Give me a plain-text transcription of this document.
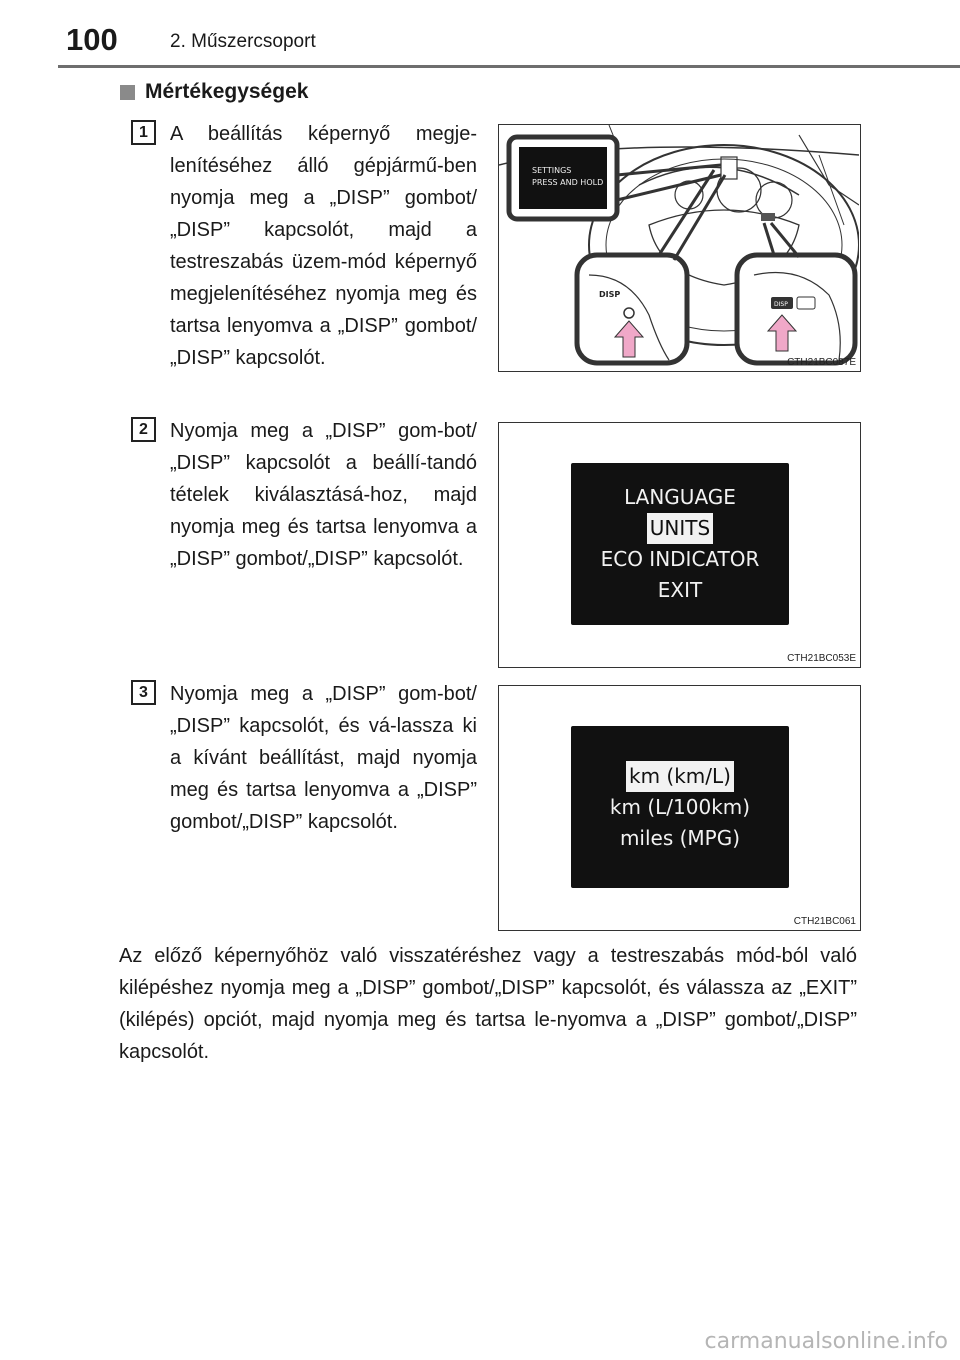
100	2. Műszercsoport
Mértékegységek
1	A beállítás képernyő megje-lenítéséhez álló gépjármű-ben nyomja meg a „DISP” gombot/„DISP” kapcsolót, majd a testreszabás üzem-mód képernyő megjelenítéséhez nyomja meg és tartsa lenyomva a „DISP” gombot/„DISP” kapcsolót.
SETTINGS
PRESS AND HOLD
DISP
DISP
CTH21BC087E
2	Nyomja meg a „DISP” gom-bot/„DISP” kapcsolót a beállí-tandó tételek kiválasztásá-hoz, majd nyomja meg és tartsa lenyomva a „DISP” gombot/„DISP” kapcsolót.
LANGUAGE
UNITS
ECO INDICATOR
EXIT
CTH21BC053E
3	Nyomja meg a „DISP” gom-bot/„DISP” kapcsolót, és vá-lassza ki a kívánt beállítást, majd nyomja meg és tartsa lenyomva a „DISP” gombot/„DISP” kapcsolót.
km (km/L)
km (L/100km)
miles (MPG)
CTH21BC061
Az előző képernyőhöz való visszatéréshez vagy a testreszabás mód-ból való kilépéshez nyomja meg a „DISP” gombot/„DISP” kapcsolót, és válassza az „EXIT” (kilépés) opciót, majd nyomja meg és tartsa le-nyomva a „DISP” gombot/„DISP” kapcsolót.
carmanualsonline.info
